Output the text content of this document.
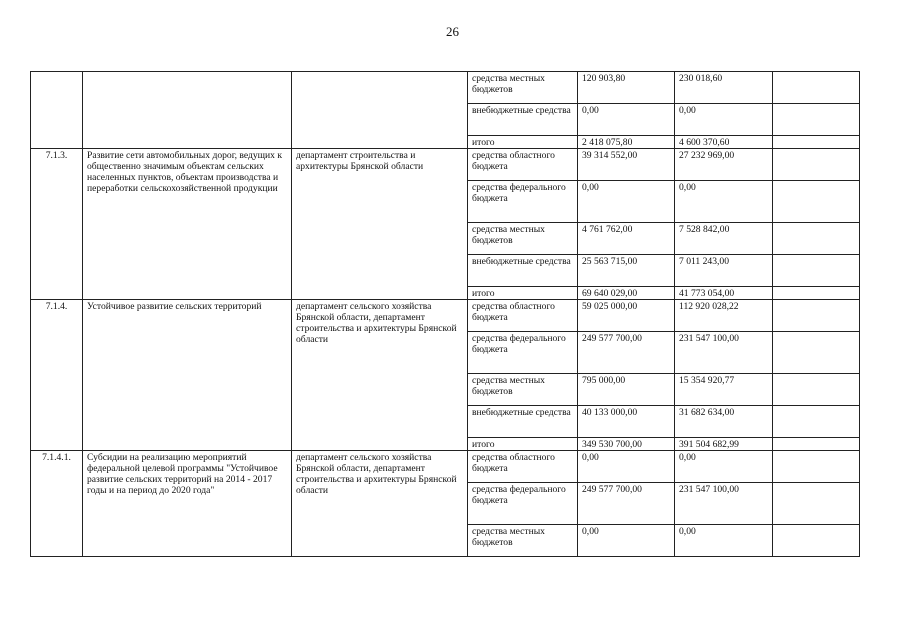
26
			средства местных бюджетов	120 903,80	230 018,60	
			внебюджетные средства	0,00	0,00	
			итого	2 418 075,80	4 600 370,60	
7.1.3.	Развитие сети автомобильных дорог, ведущих к общественно значимым объектам сельских населенных пунктов, объектам производства и переработки сельскохозяйственной продукции	департамент строительства и архитектуры Брянской области	средства областного бюджета	39 314 552,00	27 232 969,00	
			средства федерального бюджета	0,00	0,00	
			средства местных бюджетов	4 761 762,00	7 528 842,00	
			внебюджетные средства	25 563 715,00	7 011 243,00	
			итого	69 640 029,00	41 773 054,00	
7.1.4.	Устойчивое развитие сельских территорий	департамент сельского хозяйства Брянской области, департамент строительства и архитектуры Брянской области	средства областного бюджета	59 025 000,00	112 920 028,22	
			средства федерального бюджета	249 577 700,00	231 547 100,00	
			средства местных бюджетов	795 000,00	15 354 920,77	
			внебюджетные средства	40 133 000,00	31 682 634,00	
			итого	349 530 700,00	391 504 682,99	
7.1.4.1.	Субсидии на реализацию мероприятий федеральной целевой программы "Устойчивое развитие сельских территорий на 2014 - 2017 годы и на период до 2020 года"	департамент сельского хозяйства Брянской области, департамент строительства и архитектуры Брянской области	средства областного бюджета	0,00	0,00	
			средства федерального бюджета	249 577 700,00	231 547 100,00	
			средства местных бюджетов	0,00	0,00	
